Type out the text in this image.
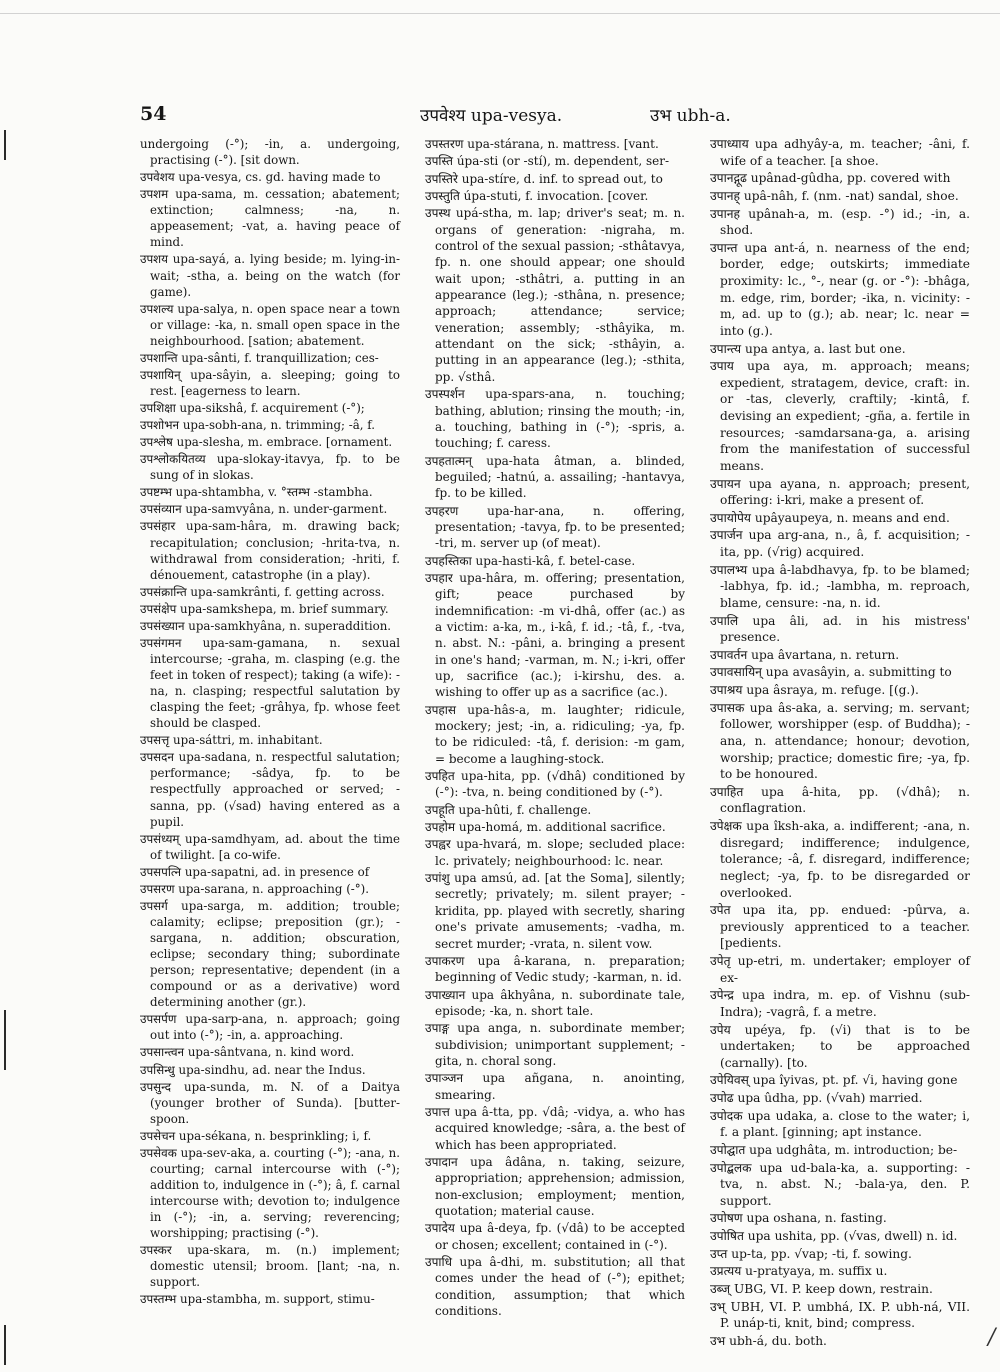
54	उपवेश्य upa-vesya.	उभ ubh-a.

undergoing (-°); -in, a. undergoing, practising (-°). [sit down.

उपवेशय upa-vesya, cs. gd. having made to

उपशम upa-sama, m. cessation; abatement; extinction; calmness; -na, n. appeasement; -vat, a. having peace of mind.

उपशय upa-sayá, a. lying beside; m. lying-in-wait; -stha, a. being on the watch (for game).

उपशल्य upa-salya, n. open space near a town or village: -ka, n. small open space in the neighbourhood. [sation; abatement.

उपशान्ति upa-sânti, f. tranquillization; ces-

उपशायिन् upa-sâyin, a. sleeping; going to rest. [eagerness to learn.

उपशिक्षा upa-sikshâ, f. acquirement (-°);

उपशोभन upa-sobh-ana, n. trimming; -â, f.

उपश्लेष upa-slesha, m. embrace. [ornament.

उपश्लोकयितव्य upa-slokay-itavya, fp. to be sung of in slokas.

उपष्टम्भ upa-shtambha, v. °स्तम्भ -stambha.

उपसंव्यान upa-samvyâna, n. under-garment.

उपसंहार upa-sam-hâra, m. drawing back; recapitulation; conclusion; -hrita-tva, n. withdrawal from consideration; -hriti, f. dénouement, catastrophe (in a play).

उपसंक्रान्ति upa-samkrânti, f. getting across.

उपसंक्षेप upa-samkshepa, m. brief summary.

उपसंख्यान upa-samkhyâna, n. superaddition.

उपसंगमन upa-sam-gamana, n. sexual intercourse; -graha, m. clasping (e.g. the feet in token of respect); taking (a wife): -na, n. clasping; respectful salutation by clasping the feet; -grâhya, fp. whose feet should be clasped.

उपसत्तृ upa-sáttri, m. inhabitant.

उपसदन upa-sadana, n. respectful salutation; performance; -sâdya, fp. to be respectfully approached or served; -sanna, pp. (√sad) having entered as a pupil.

उपसंध्यम् upa-samdhyam, ad. about the time of twilight. [a co-wife.

उपसपत्नि upa-sapatni, ad. in presence of

उपसरण upa-sarana, n. approaching (-°).

उपसर्ग upa-sarga, m. addition; trouble; calamity; eclipse; preposition (gr.); -sargana, n. addition; obscuration, eclipse; secondary thing; subordinate person; representative; dependent (in a compound or as a derivative) word determining another (gr.).

उपसर्पण upa-sarp-ana, n. approach; going out into (-°); -in, a. approaching.

उपसान्त्वन upa-sântvana, n. kind word.

उपसिन्धु upa-sindhu, ad. near the Indus.

उपसुन्द upa-sunda, m. N. of a Daitya (younger brother of Sunda). [butter-spoon.

उपसेचन upa-sékana, n. besprinkling; i, f.

उपसेवक upa-sev-aka, a. courting (-°); -ana, n. courting; carnal intercourse with (-°); addition to, indulgence in (-°); â, f. carnal intercourse with; devotion to; indulgence in (-°); -in, a. serving; reverencing; worshipping; practising (-°).

उपस्कर upa-skara, m. (n.) implement; domestic utensil; broom. [lant; -na, n. support.

उपस्तम्भ upa-stambha, m. support, stimu-

उपस्तरण upa-stárana, n. mattress. [vant.

उपस्ति úpa-sti (or -stí), m. dependent, ser-

उपस्तिरे upa-stíre, d. inf. to spread out, to

उपस्तुति úpa-stuti, f. invocation. [cover.

उपस्थ upá-stha, m. lap; driver's seat; m. n. organs of generation: -nigraha, m. control of the sexual passion; -sthâtavya, fp. n. one should appear; one should wait upon; -sthâtri, a. putting in an appearance (leg.); -sthâna, n. presence; approach; attendance; service; veneration; assembly; -sthâyika, m. attendant on the sick; -sthâyin, a. putting in an appearance (leg.); -sthita, pp. √sthâ.

उपस्पर्शन upa-spars-ana, n. touching; bathing, ablution; rinsing the mouth; -in, a. touching, bathing in (-°); -spris, a. touching; f. caress.

उपहतात्मन् upa-hata âtman, a. blinded, beguiled; -hatnú, a. assailing; -hantavya, fp. to be killed.

उपहरण upa-har-ana, n. offering, presentation; -tavya, fp. to be presented; -tri, m. server up (of meat).

उपहस्तिका upa-hasti-kâ, f. betel-case.

उपहार upa-hâra, m. offering; presentation, gift; peace purchased by indemnification: -m vi-dhâ, offer (ac.) as a victim: a-ka, m., i-kâ, f. id.; -tâ, f., -tva, n. abst. N.: -pâni, a. bringing a present in one's hand; -varman, m. N.; i-kri, offer up, sacrifice (ac.); i-kirshu, des. a. wishing to offer up as a sacrifice (ac.).

उपहास upa-hâs-a, m. laughter; ridicule, mockery; jest; -in, a. ridiculing; -ya, fp. to be ridiculed: -tâ, f. derision: -m gam, = become a laughing-stock.

उपहित upa-hita, pp. (√dhâ) conditioned by (-°): -tva, n. being conditioned by (-°).

उपहूति upa-hûti, f. challenge.

उपहोम upa-homá, m. additional sacrifice.

उपह्वर upa-hvará, m. slope; secluded place: lc. privately; neighbourhood: lc. near.

उपांशु upa amsú, ad. [at the Soma], silently; secretly; privately; m. silent prayer; -kridita, pp. played with secretly, sharing one's private amusements; -vadha, m. secret murder; -vrata, n. silent vow.

उपाकरण upa â-karana, n. preparation; beginning of Vedic study; -karman, n. id.

उपाख्यान upa âkhyâna, n. subordinate tale, episode; -ka, n. short tale.

उपाङ्ग upa anga, n. subordinate member; subdivision; unimportant supplement; -gita, n. choral song.

उपाञ्जन upa añgana, n. anointing, smearing.

उपात्त upa â-tta, pp. √dâ; -vidya, a. who has acquired knowledge; -sâra, a. the best of which has been appropriated.

उपादान upa âdâna, n. taking, seizure, appropriation; apprehension; admission, non-exclusion; employment; mention, quotation; material cause.

उपादेय upa â-deya, fp. (√dâ) to be accepted or chosen; excellent; contained in (-°).

उपाधि upa â-dhi, m. substitution; all that comes under the head of (-°); epithet; condition, assumption; that which conditions.

उपाध्याय upa adhyây-a, m. teacher; -âni, f. wife of a teacher. [a shoe.

उपानद्गूढ upânad-gûdha, pp. covered with

उपानह् upâ-nâh, f. (nm. -nat) sandal, shoe.

उपानह upânah-a, m. (esp. -°) id.; -in, a. shod.

उपान्त upa ant-á, n. nearness of the end; border, edge; outskirts; immediate proximity: lc., °-, near (g. or -°): -bhâga, m. edge, rim, border; -ika, n. vicinity: -m, ad. up to (g.); ab. near; lc. near = into (g.).

उपान्त्य upa antya, a. last but one.

उपाय upa aya, m. approach; means; expedient, stratagem, device, craft: in. or -tas, cleverly, craftily; -kintâ, f. devising an expedient; -gña, a. fertile in resources; -samdarsana-ga, a. arising from the manifestation of successful means.

उपायन upa ayana, n. approach; present, offering: i-kri, make a present of.

उपायोपेय upâyaupeya, n. means and end.

उपार्जन upa arg-ana, n., â, f. acquisition; -ita, pp. (√rig) acquired.

उपालभ्य upa â-labdhavya, fp. to be blamed; -labhya, fp. id.; -lambha, m. reproach, blame, censure: -na, n. id.

उपालि upa âli, ad. in his mistress' presence.

उपावर्तन upa âvartana, n. return.

उपावसायिन् upa avasâyin, a. submitting to

उपाश्रय upa âsraya, m. refuge. [(g.).

उपासक upa âs-aka, a. serving; m. servant; follower, worshipper (esp. of Buddha); -ana, n. attendance; honour; devotion, worship; practice; domestic fire; -ya, fp. to be honoured.

उपाहित upa â-hita, pp. (√dhâ); n. conflagration.

उपेक्षक upa îksh-aka, a. indifferent; -ana, n. disregard; indifference; indulgence, tolerance; -â, f. disregard, indifference; neglect; -ya, fp. to be disregarded or overlooked.

उपेत upa ita, pp. endued: -pûrva, a. previously apprenticed to a teacher. [pedients.

उपेतृ up-etri, m. undertaker; employer of ex-

उपेन्द्र upa indra, m. ep. of Vishnu (sub-Indra); -vagrâ, f. a metre.

उपेय upéya, fp. (√i) that is to be undertaken; to be approached (carnally). [to.

उपेयिवस् upa îyivas, pt. pf. √i, having gone

उपोढ upa ûdha, pp. (√vah) married.

उपोदक upa udaka, a. close to the water; i, f. a plant. [ginning; apt instance.

उपोद्घात upa udghâta, m. introduction; be-

उपोद्बलक upa ud-bala-ka, a. supporting: -tva, n. abst. N.; -bala-ya, den. P. support.

उपोषण upa oshana, n. fasting.

उपोषित upa ushita, pp. (√vas, dwell) n. id.

उप्त up-ta, pp. √vap; -ti, f. sowing.

उप्रत्यय u-pratyaya, m. suffix u.

उब्ज् UBG, VI. P. keep down, restrain.

उभ् UBH, VI. P. umbhá, IX. P. ubh-ná, VII. P. unáp-ti, knit, bind; compress.

उभ ubh-á, du. both.	/
